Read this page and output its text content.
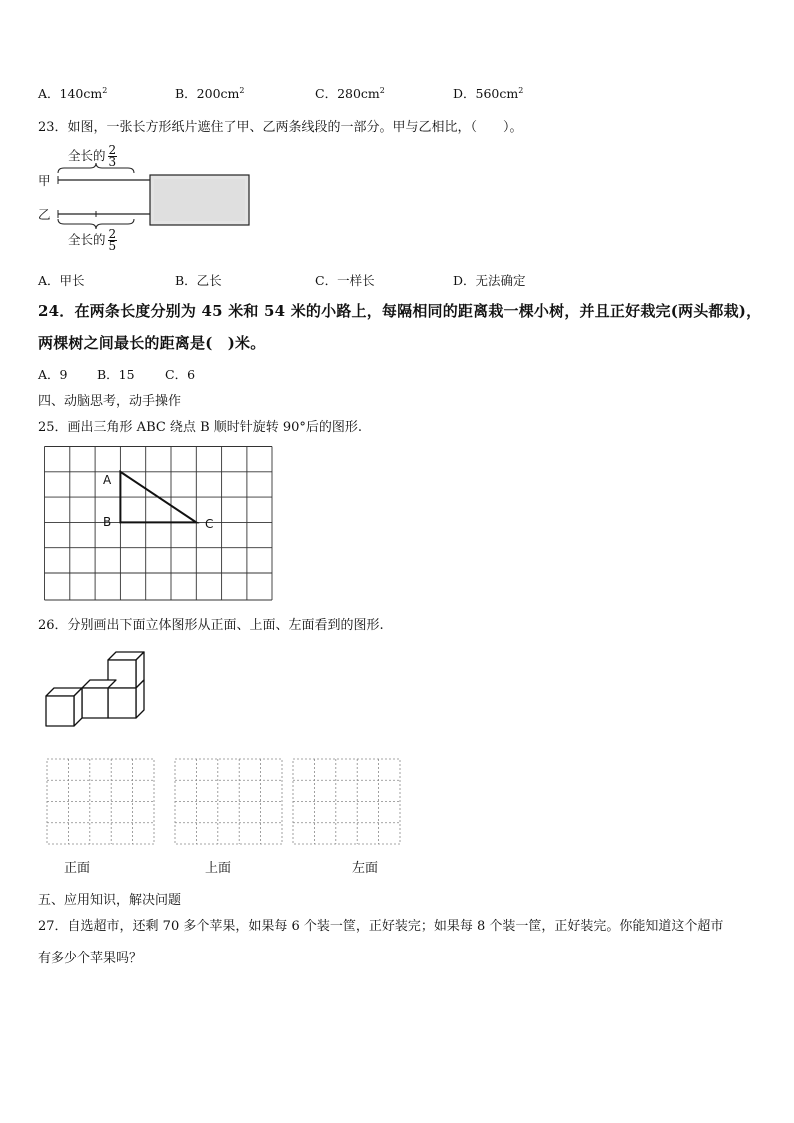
A．$140cm^2$	B．$200cm^2$	C．$280cm^2$	D．$560cm^2$
23．如图，一张长方形纸片遮住了甲、乙两条线段的一部分。甲与乙相比，（　　）。
全长的 $\frac{2}{3}$
甲
乙
全长的 $\frac{2}{5}$
A．甲长	B．乙长	C．一样长	D．无法确定
24．在两条长度分别为 45 米和 54 米的小路上，每隔相同的距离栽一棵小树，并且正好栽完(两头都栽)，
两棵树之间最长的距离是(　)米。
A．9 B．15 C．6
四、动脑思考，动手操作
25．画出三角形 ABC 绕点 B 顺时针旋转 90°后的图形.
A
B	C
26．分别画出下面立体图形从正面、上面、左面看到的图形.
正面	上面	左面
五、应用知识，解决问题
27．自选超市，还剩 70 多个苹果，如果每 6 个装一筐，正好装完；如果每 8 个装一筐，正好装完。你能知道这个超市
有多少个苹果吗？
